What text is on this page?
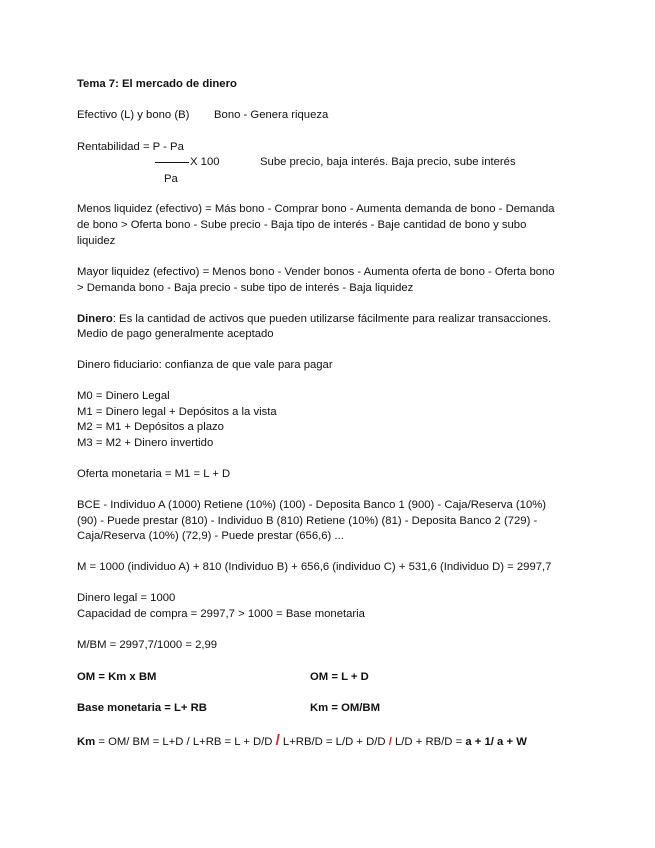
Tema 7: El mercado de dinero
Efectivo (L) y bono (B) Bono - Genera riqueza
Rentabilidad = P - Pa
X 100	Sube precio, baja interés. Baja precio, sube interés
Pa
Menos liquidez (efectivo) = Más bono - Comprar bono - Aumenta demanda de bono - Demanda
de bono > Oferta bono - Sube precio - Baja tipo de interés - Baje cantidad de bono y subo
liquidez
Mayor liquidez (efectivo) = Menos bono - Vender bonos - Aumenta oferta de bono - Oferta bono
> Demanda bono - Baja precio - sube tipo de interés - Baja liquidez
Dinero: Es la cantidad de activos que pueden utilizarse fácilmente para realizar transacciones.
Medio de pago generalmente aceptado
Dinero fiduciario: confianza de que vale para pagar
M0 = Dinero Legal
M1 = Dinero legal + Depósitos a la vista
M2 = M1 + Depósitos a plazo
M3 = M2 + Dinero invertido
Oferta monetaria = M1 = L + D
BCE - Individuo A (1000) Retiene (10%) (100) - Deposita Banco 1 (900) - Caja/Reserva (10%)
(90) - Puede prestar (810) - Individuo B (810) Retiene (10%) (81) - Deposita Banco 2 (729) -
Caja/Reserva (10%) (72,9) - Puede prestar (656,6) ...
M = 1000 (individuo A) + 810 (Individuo B) + 656,6 (individuo C) + 531,6 (Individuo D) = 2997,7
Dinero legal = 1000
Capacidad de compra = 2997,7 > 1000 = Base monetaria
M/BM = 2997,7/1000 = 2,99
OM = Km x BM	OM = L + D
Base monetaria = L+ RB	Km = OM/BM
Km = OM/ BM = L+D / L+RB = L + D/D / L+RB/D = L/D + D/D / L/D + RB/D = a + 1/ a + W
